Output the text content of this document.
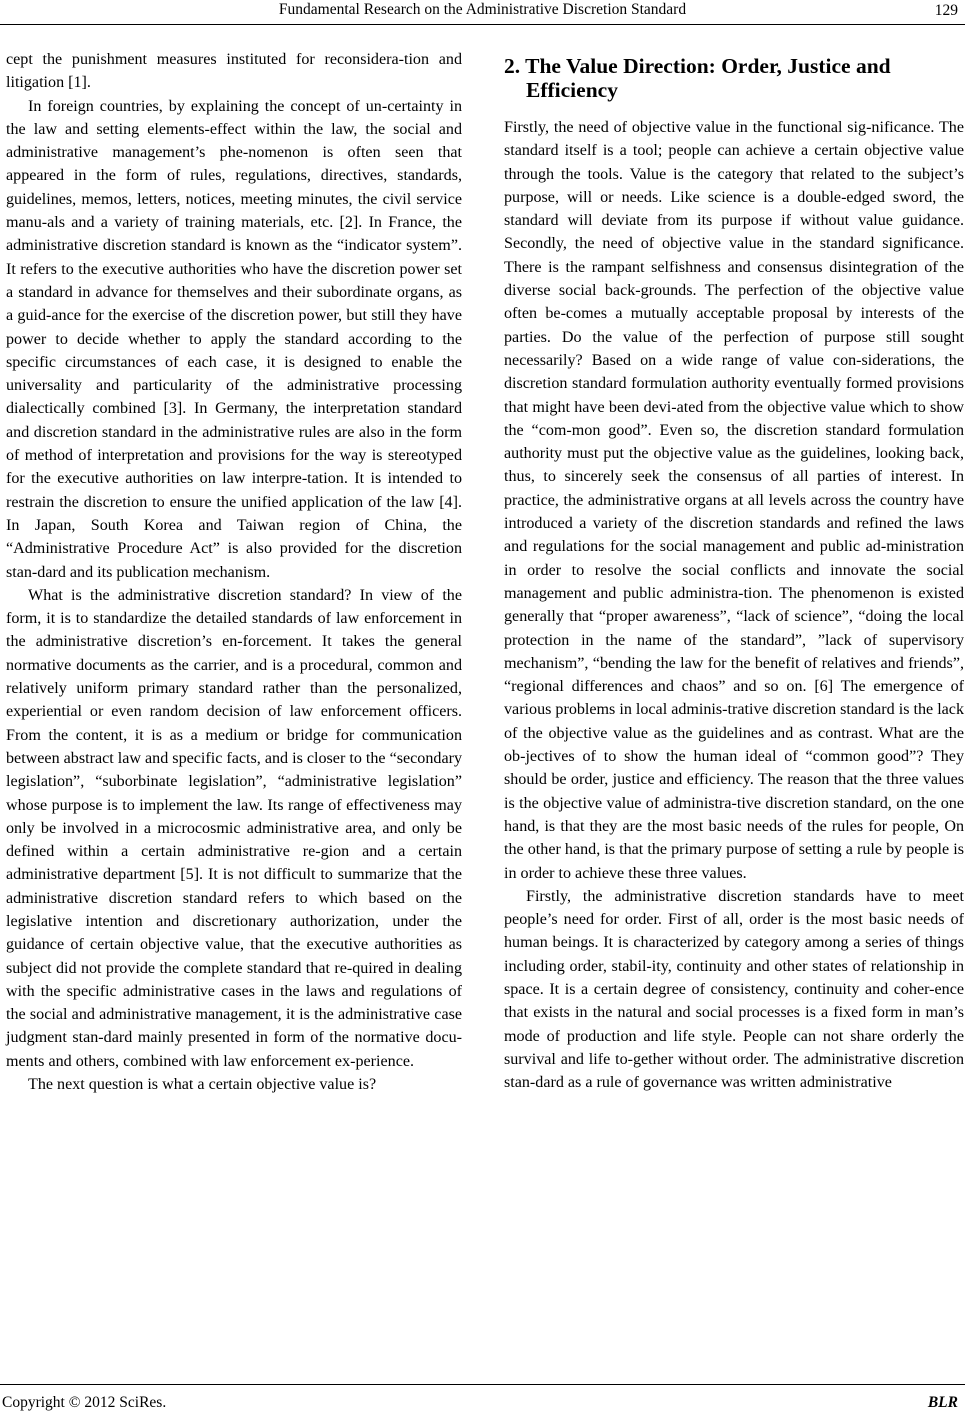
Fundamental Research on the Administrative Discretion Standard	129

cept the punishment measures instituted for reconsidera-tion and litigation [1].

In foreign countries, by explaining the concept of un-certainty in the law and setting elements-effect within the law, the social and administrative management’s phe-nomenon is often seen that appeared in the form of rules, regulations, directives, standards, guidelines, memos, letters, notices, meeting minutes, the civil service manu-als and a variety of training materials, etc. [2]. In France, the administrative discretion standard is known as the “indicator system”. It refers to the executive authorities who have the discretion power set a standard in advance for themselves and their subordinate organs, as a guid-ance for the exercise of the discretion power, but still they have power to decide whether to apply the standard according to the specific circumstances of each case, it is designed to enable the universality and particularity of the administrative processing dialectically combined [3]. In Germany, the interpretation standard and discretion standard in the administrative rules are also in the form of method of interpretation and provisions for the way is stereotyped for the executive authorities on law interpre-tation. It is intended to restrain the discretion to ensure the unified application of the law [4]. In Japan, South Korea and Taiwan region of China, the “Administrative Procedure Act” is also provided for the discretion stan-dard and its publication mechanism.

What is the administrative discretion standard? In view of the form, it is to standardize the detailed standards of law enforcement in the administrative discretion’s en-forcement. It takes the general normative documents as the carrier, and is a procedural, common and relatively uniform primary standard rather than the personalized, experiential or even random decision of law enforcement officers. From the content, it is as a medium or bridge for communication between abstract law and specific facts, and is closer to the “secondary legislation”, “suborbinate legislation”, “administrative legislation” whose purpose is to implement the law. Its range of effectiveness may only be involved in a microcosmic administrative area, and only be defined within a certain administrative re-gion and a certain administrative department [5]. It is not difficult to summarize that the administrative discretion standard refers to which based on the legislative intention and discretionary authorization, under the guidance of certain objective value, that the executive authorities as subject did not provide the complete standard that re-quired in dealing with the specific administrative cases in the laws and regulations of the social and administrative management, it is the administrative case judgment stan-dard mainly presented in form of the normative docu-ments and others, combined with law enforcement ex-perience.

The next question is what a certain objective value is?

2. The Value Direction: Order, Justice and Efficiency

Firstly, the need of objective value in the functional sig-nificance. The standard itself is a tool; people can achieve a certain objective value through the tools. Value is the category that related to the subject’s purpose, will or needs. Like science is a double-edged sword, the standard will deviate from its purpose if without value guidance. Secondly, the need of objective value in the standard significance. There is the rampant selfishness and consensus disintegration of the diverse social back-grounds. The perfection of the objective value often be-comes a mutually acceptable proposal by interests of the parties. Do the value of the perfection of purpose still sought necessarily? Based on a wide range of value con-siderations, the discretion standard formulation authority eventually formed provisions that might have been devi-ated from the objective value which to show the “com-mon good”. Even so, the discretion standard formulation authority must put the objective value as the guidelines, looking back, thus, to sincerely seek the consensus of all parties of interest. In practice, the administrative organs at all levels across the country have introduced a variety of the discretion standards and refined the laws and regulations for the social management and public ad-ministration in order to resolve the social conflicts and innovate the social management and public administra-tion. The phenomenon is existed generally that “proper awareness”, “lack of science”, “doing the local protection in the name of the standard”, ”lack of supervisory mechanism”, “bending the law for the benefit of relatives and friends”, “regional differences and chaos” and so on. [6] The emergence of various problems in local adminis-trative discretion standard is the lack of the objective value as the guidelines and as contrast. What are the ob-jectives of to show the human ideal of “common good”? They should be order, justice and efficiency. The reason that the three values is the objective value of administra-tive discretion standard, on the one hand, is that they are the most basic needs of the rules for people, On the other hand, is that the primary purpose of setting a rule by people is in order to achieve these three values.

Firstly, the administrative discretion standards have to meet people’s need for order. First of all, order is the most basic needs of human beings. It is characterized by category among a series of things including order, stabil-ity, continuity and other states of relationship in space. It is a certain degree of consistency, continuity and coher-ence that exists in the natural and social processes is a fixed form in man’s mode of production and life style. People can not share orderly the survival and life to-gether without order. The administrative discretion stan-dard as a rule of governance was written administrative

Copyright © 2012 SciRes.	BLR
